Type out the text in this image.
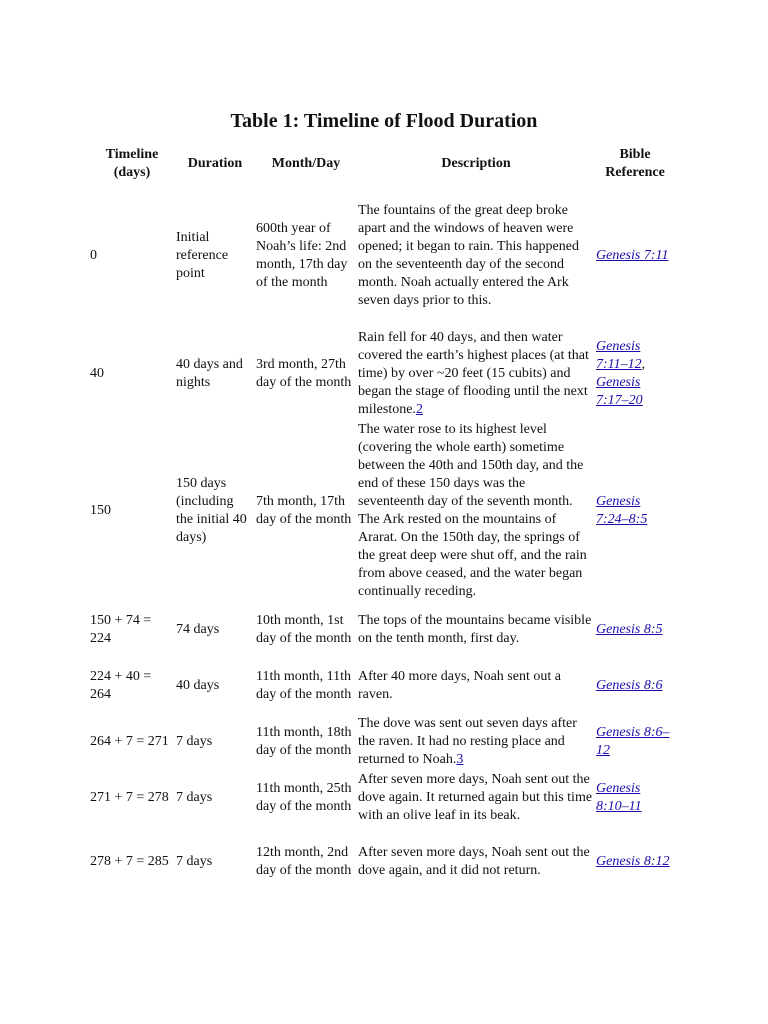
Table 1: Timeline of Flood Duration
Timeline (days)	Duration	Month/Day	Description	Bible Reference
0	Initial reference point	600th year of Noah’s life: 2nd month, 17th day of the month	The fountains of the great deep broke apart and the windows of heaven were opened; it began to rain. This happened on the seventeenth day of the second month. Noah actually entered the Ark seven days prior to this.	Genesis 7:11
40	40 days and nights	3rd month, 27th day of the month	Rain fell for 40 days, and then water covered the earth’s highest places (at that time) by over ~20 feet (15 cubits) and began the stage of flooding until the next milestone.2	Genesis 7:11–12, Genesis 7:17–20
150	150 days (including the initial 40 days)	7th month, 17th day of the month	The water rose to its highest level (covering the whole earth) sometime between the 40th and 150th day, and the end of these 150 days was the seventeenth day of the seventh month. The Ark rested on the mountains of Ararat. On the 150th day, the springs of the great deep were shut off, and the rain from above ceased, and the water began continually receding.	Genesis 7:24–8:5
150 + 74 = 224	74 days	10th month, 1st day of the month	The tops of the mountains became visible on the tenth month, first day.	Genesis 8:5
224 + 40 = 264	40 days	11th month, 11th day of the month	After 40 more days, Noah sent out a raven.	Genesis 8:6
264 + 7 = 271	7 days	11th month, 18th day of the month	The dove was sent out seven days after the raven. It had no resting place and returned to Noah.3	Genesis 8:6–12
271 + 7 = 278	7 days	11th month, 25th day of the month	After seven more days, Noah sent out the dove again. It returned again but this time with an olive leaf in its beak.	Genesis 8:10–11
278 + 7 = 285	7 days	12th month, 2nd day of the month	After seven more days, Noah sent out the dove again, and it did not return.	Genesis 8:12
